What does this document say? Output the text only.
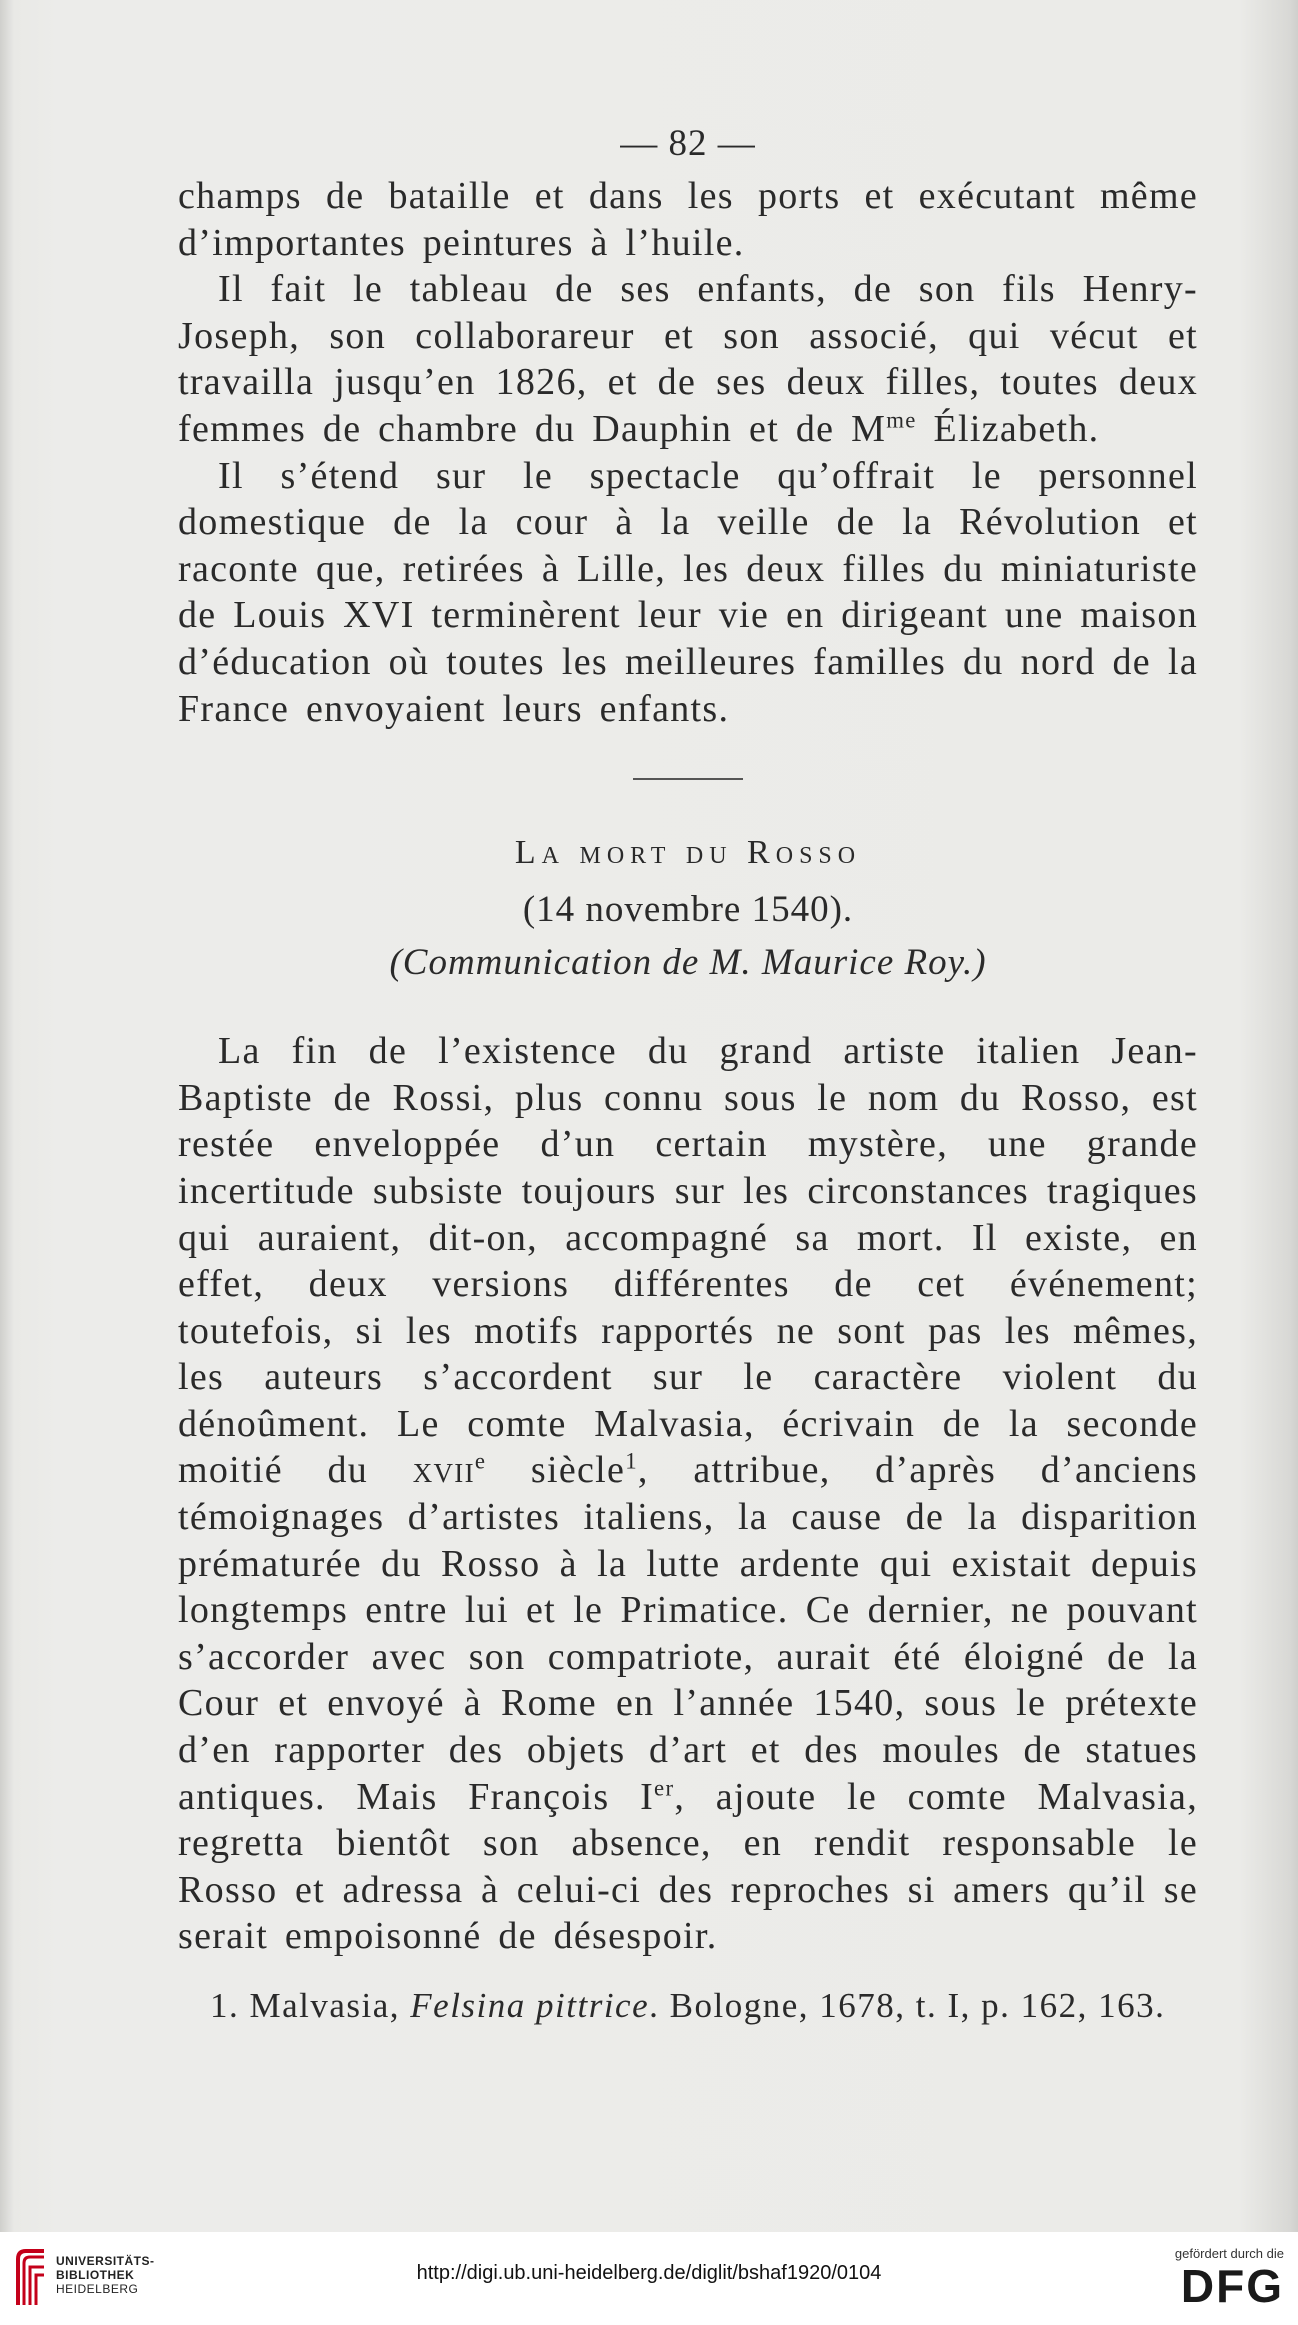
— 82 —

champs de bataille et dans les ports et exécutant même d’importantes peintures à l’huile.

Il fait le tableau de ses enfants, de son fils Henry-Joseph, son collaborareur et son associé, qui vécut et travailla jusqu’en 1826, et de ses deux filles, toutes deux femmes de chambre du Dauphin et de $M^{me}$ Élizabeth.

Il s’étend sur le spectacle qu’offrait le personnel domestique de la cour à la veille de la Révolution et raconte que, retirées à Lille, les deux filles du miniaturiste de Louis XVI terminèrent leur vie en dirigeant une maison d’éducation où toutes les meilleures familles du nord de la France envoyaient leurs enfants.

La mort du Rosso
(14 novembre 1540).
(Communication de M. Maurice Roy.)

La fin de l’existence du grand artiste italien Jean-Baptiste de Rossi, plus connu sous le nom du Rosso, est restée enveloppée d’un certain mystère, une grande incertitude subsiste toujours sur les circonstances tragiques qui auraient, dit-on, accompagné sa mort. Il existe, en effet, deux versions différentes de cet événement; toutefois, si les motifs rapportés ne sont pas les mêmes, les auteurs s’accordent sur le caractère violent du dénoûment. Le comte Malvasia, écrivain de la seconde moitié du xvii$^e$ siècle$^1$, attribue, d’après d’anciens témoignages d’artistes italiens, la cause de la disparition prématurée du Rosso à la lutte ardente qui existait depuis longtemps entre lui et le Primatice. Ce dernier, ne pouvant s’accorder avec son compatriote, aurait été éloigné de la Cour et envoyé à Rome en l’année 1540, sous le prétexte d’en rapporter des objets d’art et des moules de statues antiques. Mais François Ier, ajoute le comte Malvasia, regretta bientôt son absence, en rendit responsable le Rosso et adressa à celui-ci des reproches si amers qu’il se serait empoisonné de désespoir.

1. Malvasia, Felsina pittrice. Bologne, 1678, t. I, p. 162, 163.
UNIVERSITÄTS-
BIBLIOTHEK
HEIDELBERG
http://digi.ub.uni-heidelberg.de/diglit/bshaf1920/0104
gefördert durch die
DFG
